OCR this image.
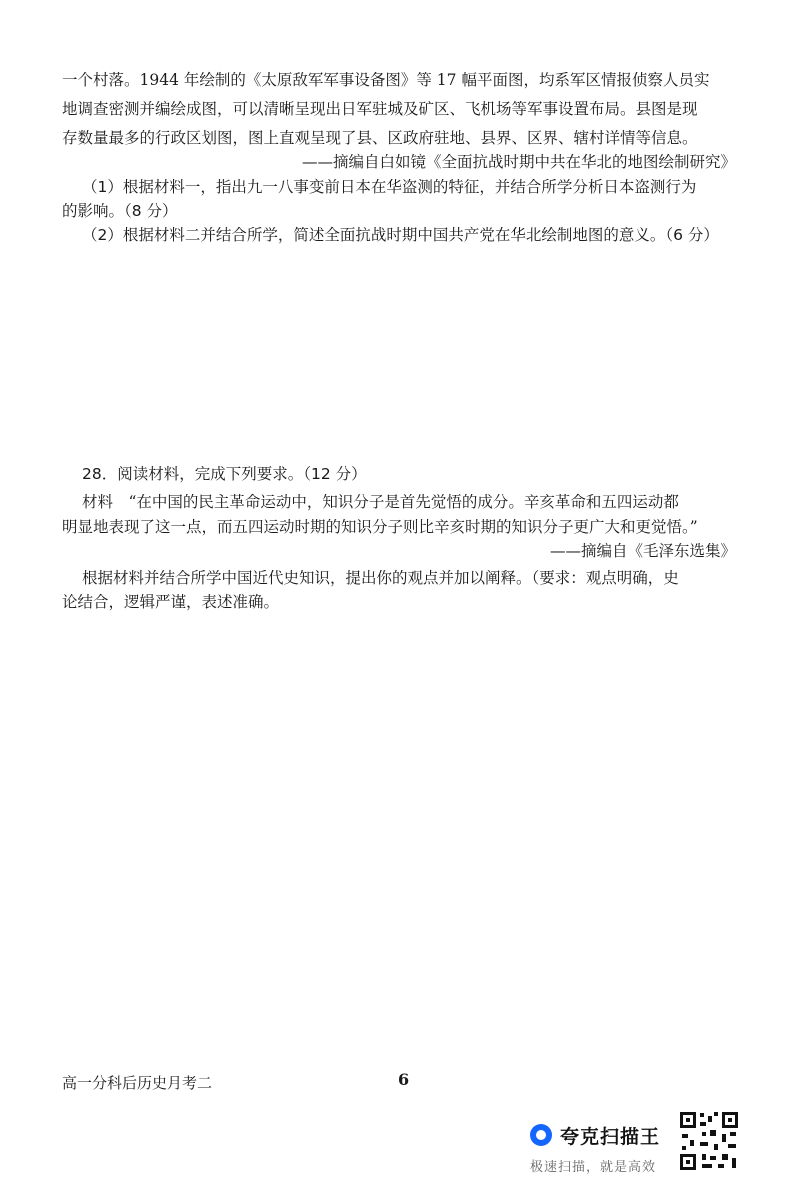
一个村落。1944 年绘制的《太原敌军军事设备图》等 17 幅平面图，均系军区情报侦察人员实
地调查密测并编绘成图，可以清晰呈现出日军驻城及矿区、飞机场等军事设置布局。县图是现
存数量最多的行政区划图，图上直观呈现了县、区政府驻地、县界、区界、辖村详情等信息。
——摘编自白如镜《全面抗战时期中共在华北的地图绘制研究》
（1）根据材料一，指出九一八事变前日本在华盗测的特征，并结合所学分析日本盗测行为
的影响。（8 分）
（2）根据材料二并结合所学，简述全面抗战时期中国共产党在华北绘制地图的意义。（6 分）
28．阅读材料，完成下列要求。（12 分）
材料　“在中国的民主革命运动中，知识分子是首先觉悟的成分。辛亥革命和五四运动都
明显地表现了这一点，而五四运动时期的知识分子则比辛亥时期的知识分子更广大和更觉悟。”
——摘编自《毛泽东选集》
根据材料并结合所学中国近代史知识，提出你的观点并加以阐释。（要求：观点明确，史
论结合，逻辑严谨，表述准确。
高一分科后历史月考二	6
夸克扫描王
极速扫描，就是高效
